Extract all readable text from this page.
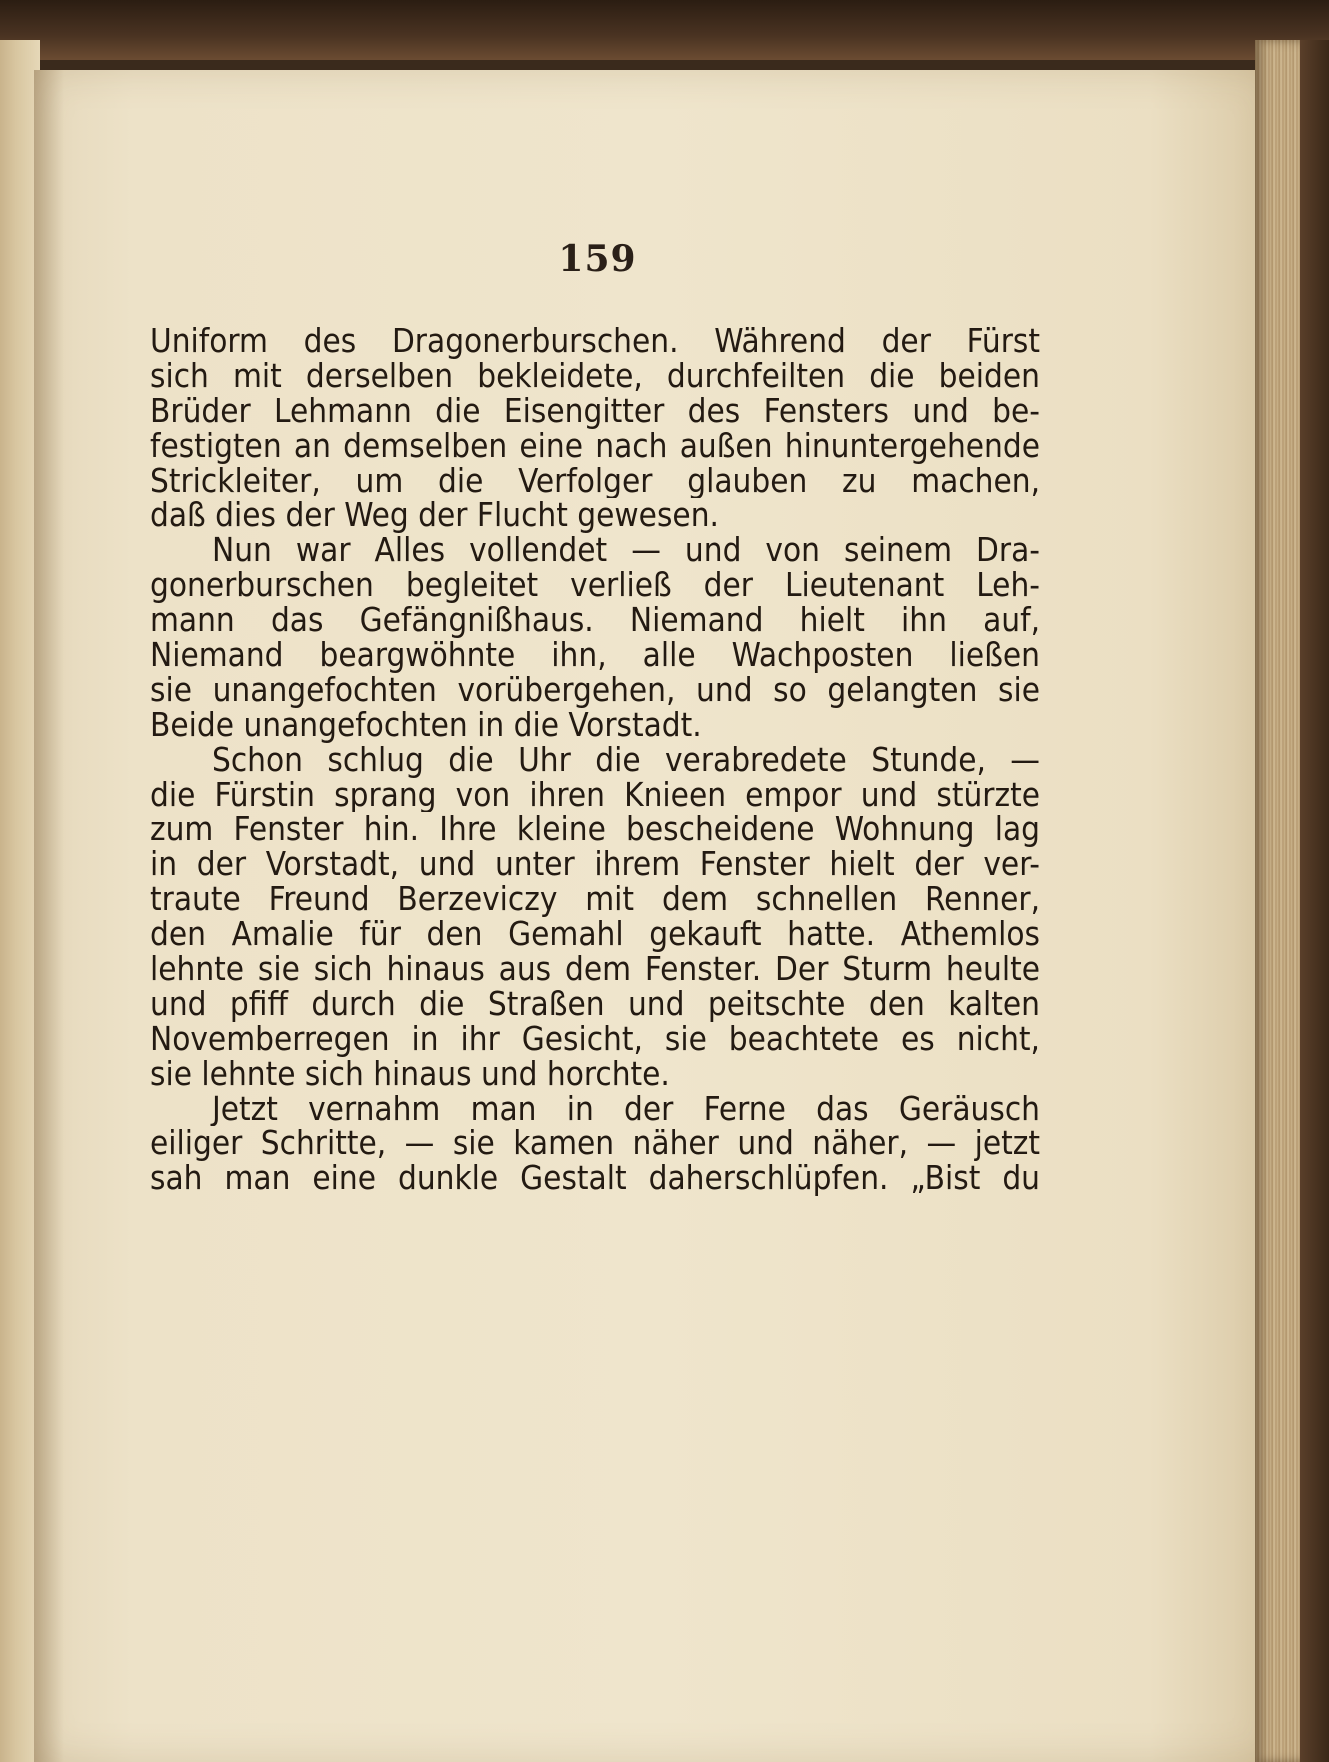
159
Uniform des Dragonerburschen. Während der Fürst
sich mit derselben bekleidete, durchfeilten die beiden
Brüder Lehmann die Eisengitter des Fensters und be-
festigten an demselben eine nach außen hinuntergehende
Strickleiter, um die Verfolger glauben zu machen,
daß dies der Weg der Flucht gewesen.
Nun war Alles vollendet — und von seinem Dra-
gonerburschen begleitet verließ der Lieutenant Leh-
mann das Gefängnißhaus. Niemand hielt ihn auf,
Niemand beargwöhnte ihn, alle Wachposten ließen
sie unangefochten vorübergehen, und so gelangten sie
Beide unangefochten in die Vorstadt.
Schon schlug die Uhr die verabredete Stunde, —
die Fürstin sprang von ihren Knieen empor und stürzte
zum Fenster hin. Ihre kleine bescheidene Wohnung lag
in der Vorstadt, und unter ihrem Fenster hielt der ver-
traute Freund Berzeviczy mit dem schnellen Renner,
den Amalie für den Gemahl gekauft hatte. Athemlos
lehnte sie sich hinaus aus dem Fenster. Der Sturm heulte
und pfiff durch die Straßen und peitschte den kalten
Novemberregen in ihr Gesicht, sie beachtete es nicht,
sie lehnte sich hinaus und horchte.
Jetzt vernahm man in der Ferne das Geräusch
eiliger Schritte, — sie kamen näher und näher, — jetzt
sah man eine dunkle Gestalt daherschlüpfen. „Bist du
